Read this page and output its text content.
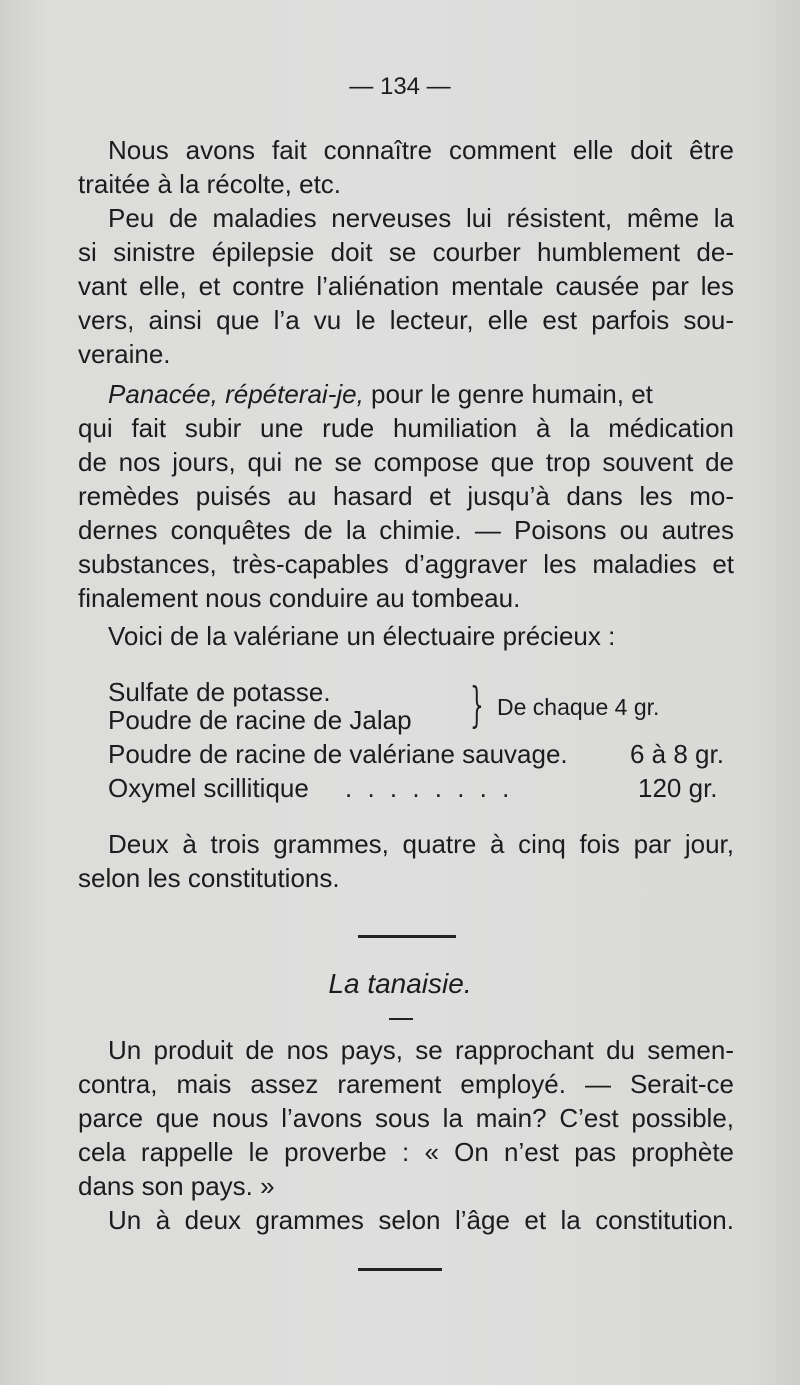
— 134 —
Nous avons fait connaître comment elle doit être
traitée à la récolte, etc.
Peu de maladies nerveuses lui résistent, même la
si sinistre épilepsie doit se courber humblement de-
vant elle, et contre l’aliénation mentale causée par les
vers, ainsi que l’a vu le lecteur, elle est parfois sou-
veraine.
Panacée, répéterai-je, pour le genre humain, et
qui fait subir une rude humiliation à la médication
de nos jours, qui ne se compose que trop souvent de
remèdes puisés au hasard et jusqu’à dans les mo-
dernes conquêtes de la chimie. — Poisons ou autres
substances, très-capables d’aggraver les maladies et
finalement nous conduire au tombeau.
Voici de la valériane un électuaire précieux :
Sulfate de potasse.
Poudre de racine de Jalap } De chaque 4 gr.
Poudre de racine de valériane sauvage. 6 à 8 gr.
Oxymel scillitique . . . . . . . .	120 gr.
Deux à trois grammes, quatre à cinq fois par jour,
selon les constitutions.
La tanaisie.
Un produit de nos pays, se rapprochant du semen-
contra, mais assez rarement employé. — Serait-ce
parce que nous l’avons sous la main? C’est possible,
cela rappelle le proverbe : « On n’est pas prophète
dans son pays. »
Un à deux grammes selon l’âge et la constitution.
